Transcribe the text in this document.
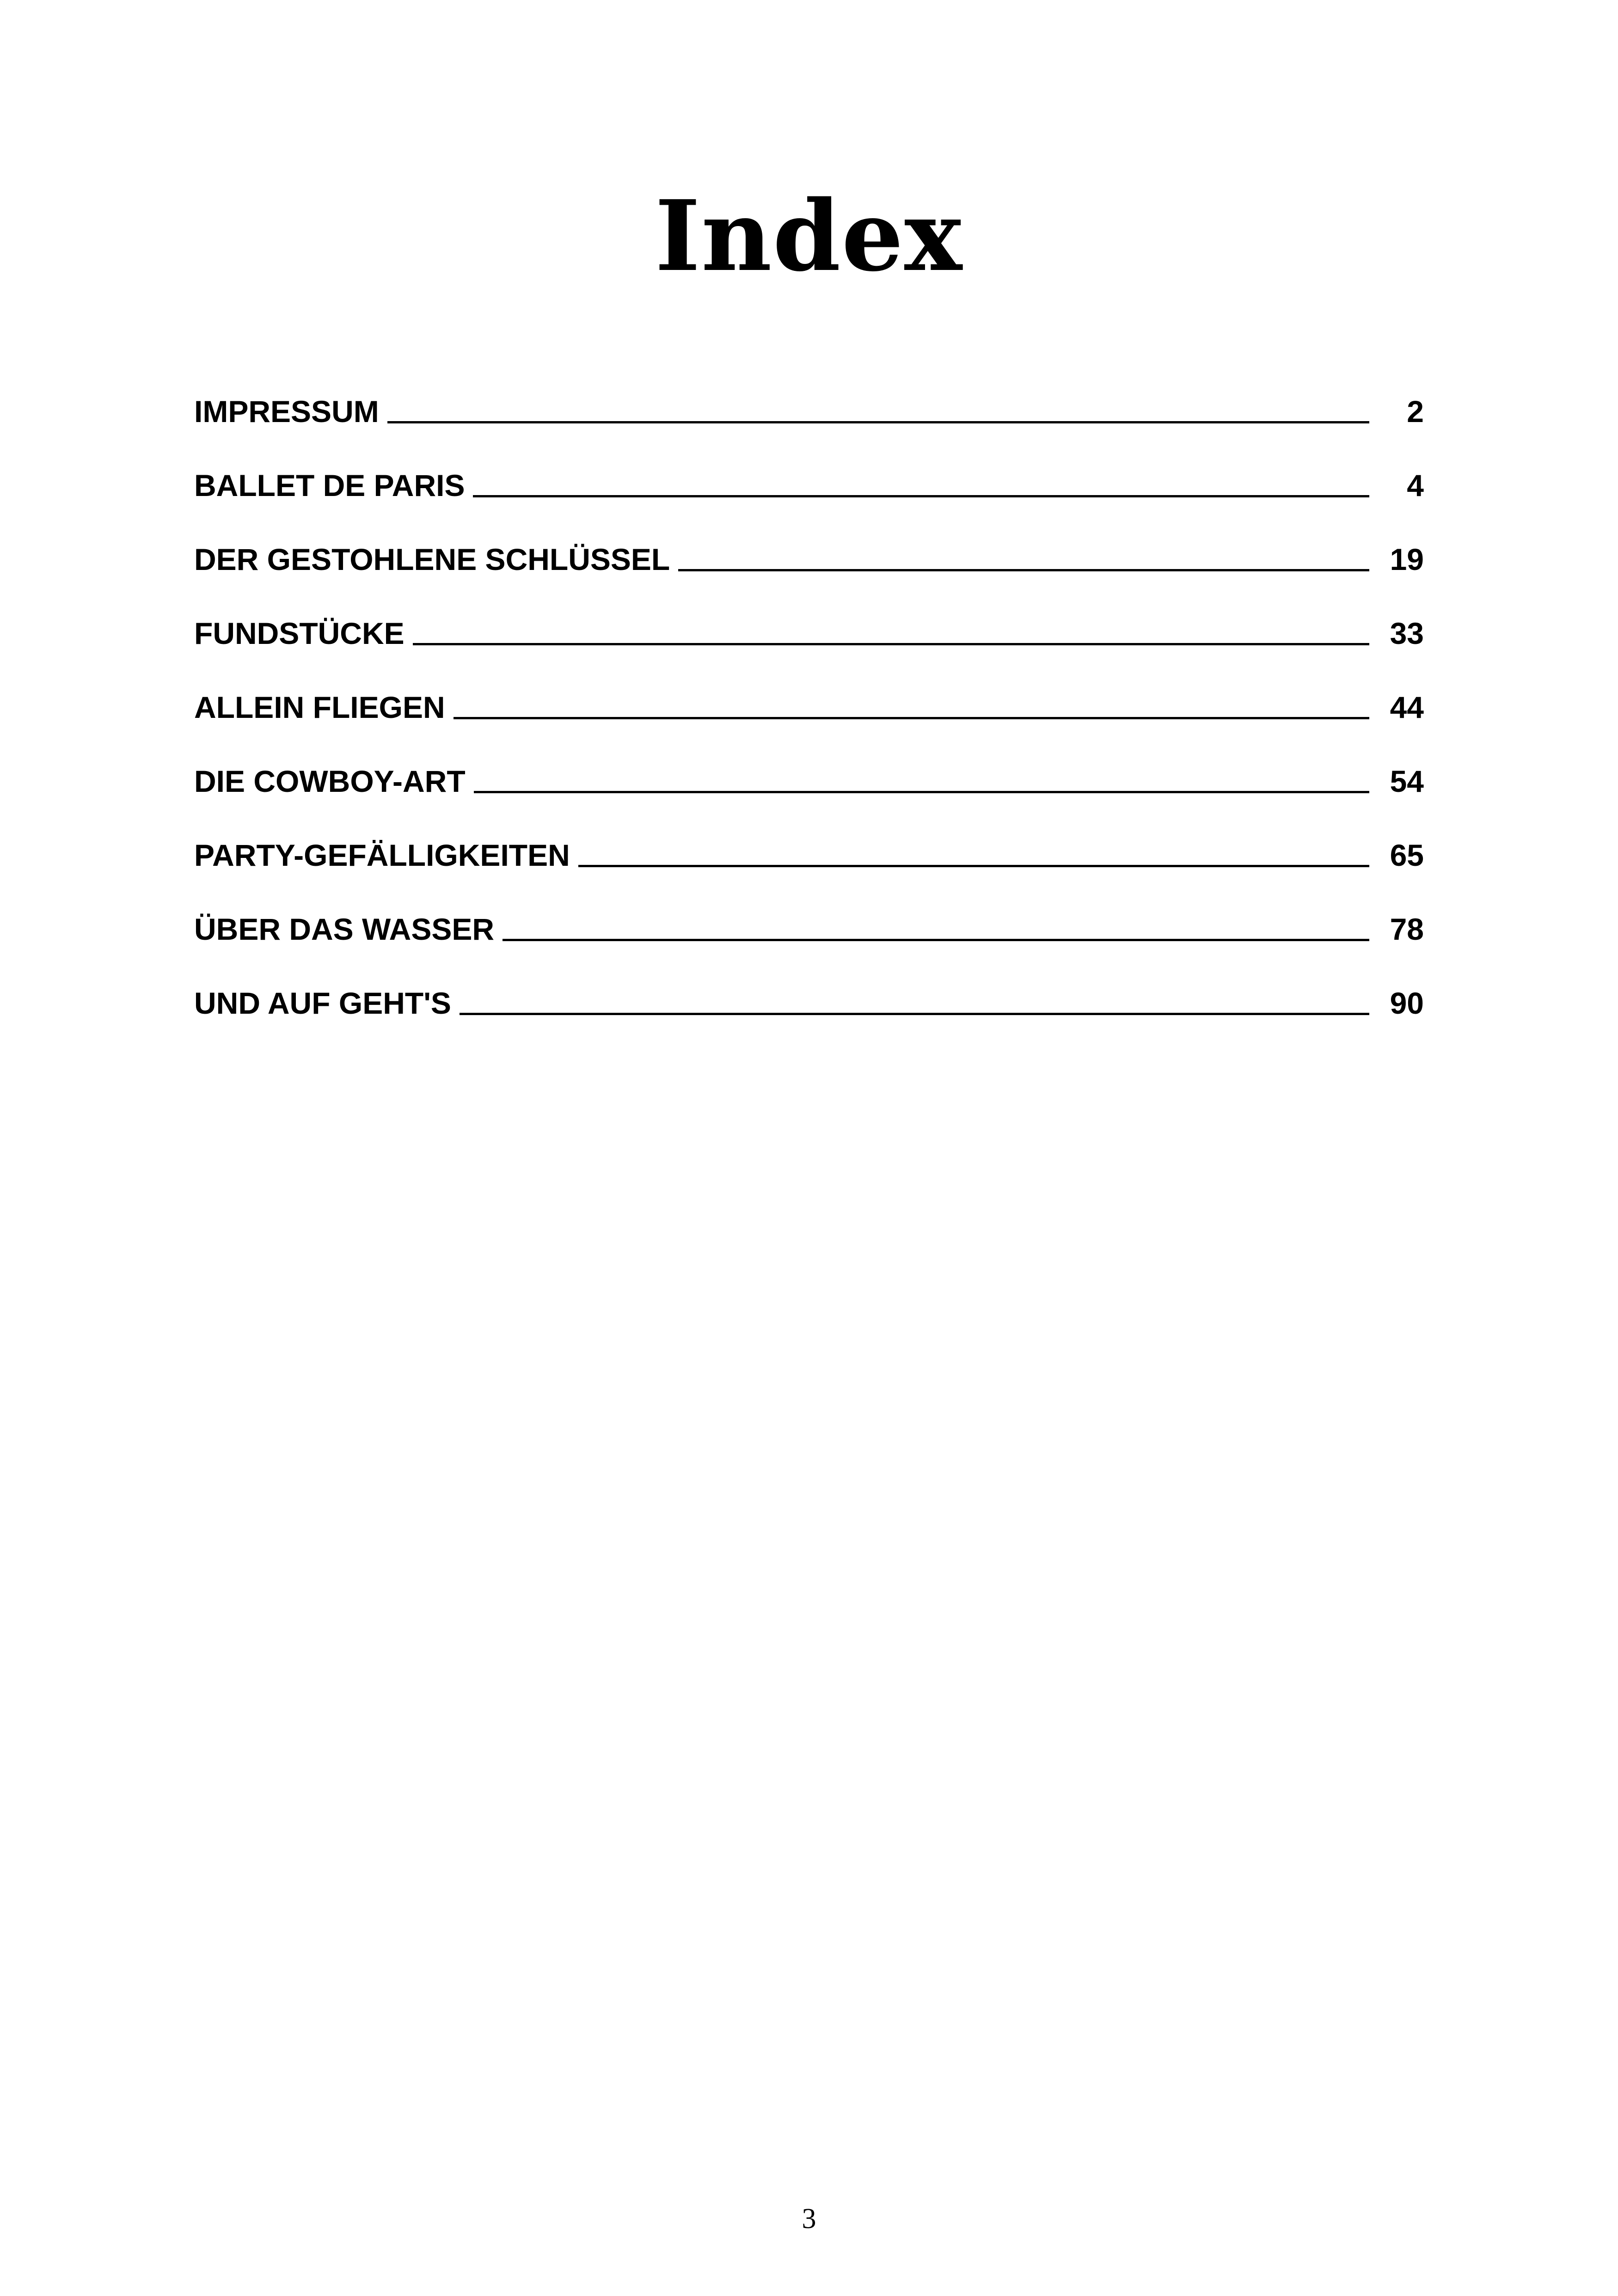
Index
IMPRESSUM	2
BALLET DE PARIS	4
DER GESTOHLENE SCHLÜSSEL	19
FUNDSTÜCKE	33
ALLEIN FLIEGEN	44
DIE COWBOY-ART	54
PARTY-GEFÄLLIGKEITEN	65
ÜBER DAS WASSER	78
UND AUF GEHT'S	90
3
